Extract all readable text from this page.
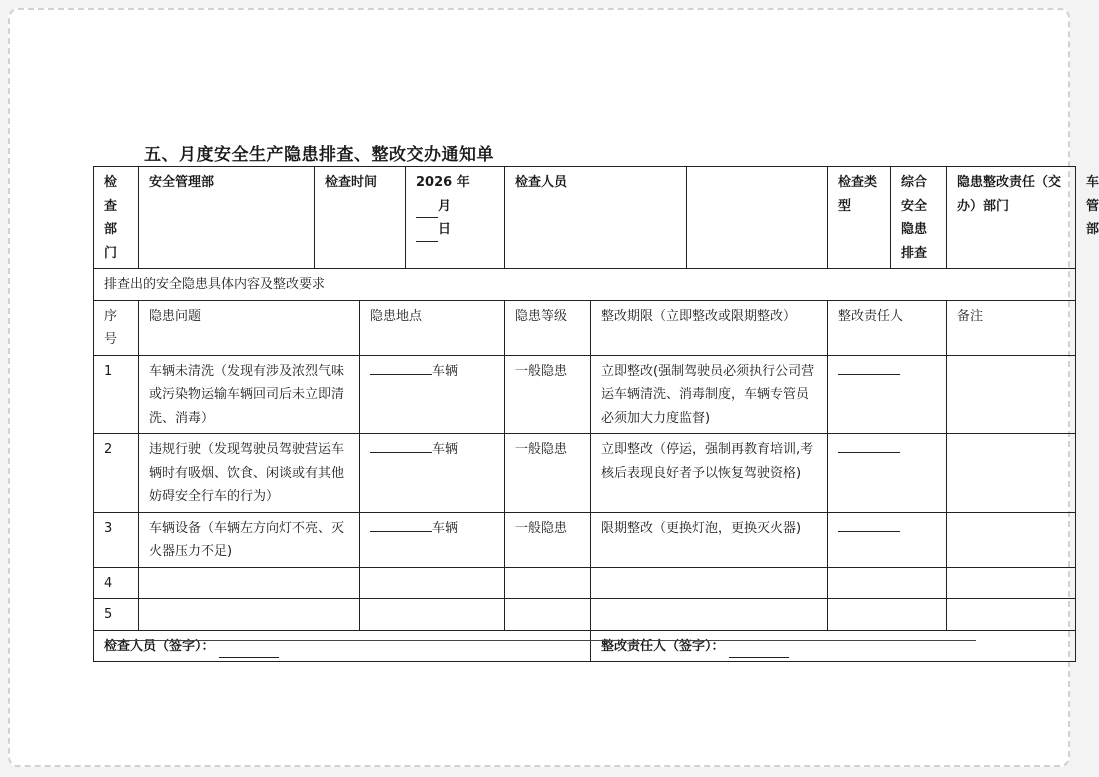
五、月度安全生产隐患排查、整改交办通知单
检查部门	安全管理部	检查时间		2026 年
月
日	检查人员			检查类型	综合安全隐患排查	隐患整改责任（交办）部门	车管部
排查出的安全隐患具体内容及整改要求											
序号	隐患问题		隐患地点		隐患等级	整改期限（立即整改或限期整改）		整改责任人		备注	
1	车辆未清洗（发现有涉及浓烈气味或污染物运输车辆回司后未立即清洗、消毒）		车辆		一般隐患	立即整改(强制驾驶员必须执行公司营运车辆清洗、消毒制度，车辆专管员必须加大力度监督)					
2	违规行驶（发现驾驶员驾驶营运车辆时有吸烟、饮食、闲谈或有其他妨碍安全行车的行为）		车辆		一般隐患	立即整改（停运，强制再教育培训,考核后表现良好者予以恢复驾驶资格)					
3	车辆设备（车辆左方向灯不亮、灭火器压力不足)		车辆		一般隐患	限期整改（更换灯泡，更换灭火器)					
4											
5											
检查人员（签字）：						整改责任人（签字）：					
